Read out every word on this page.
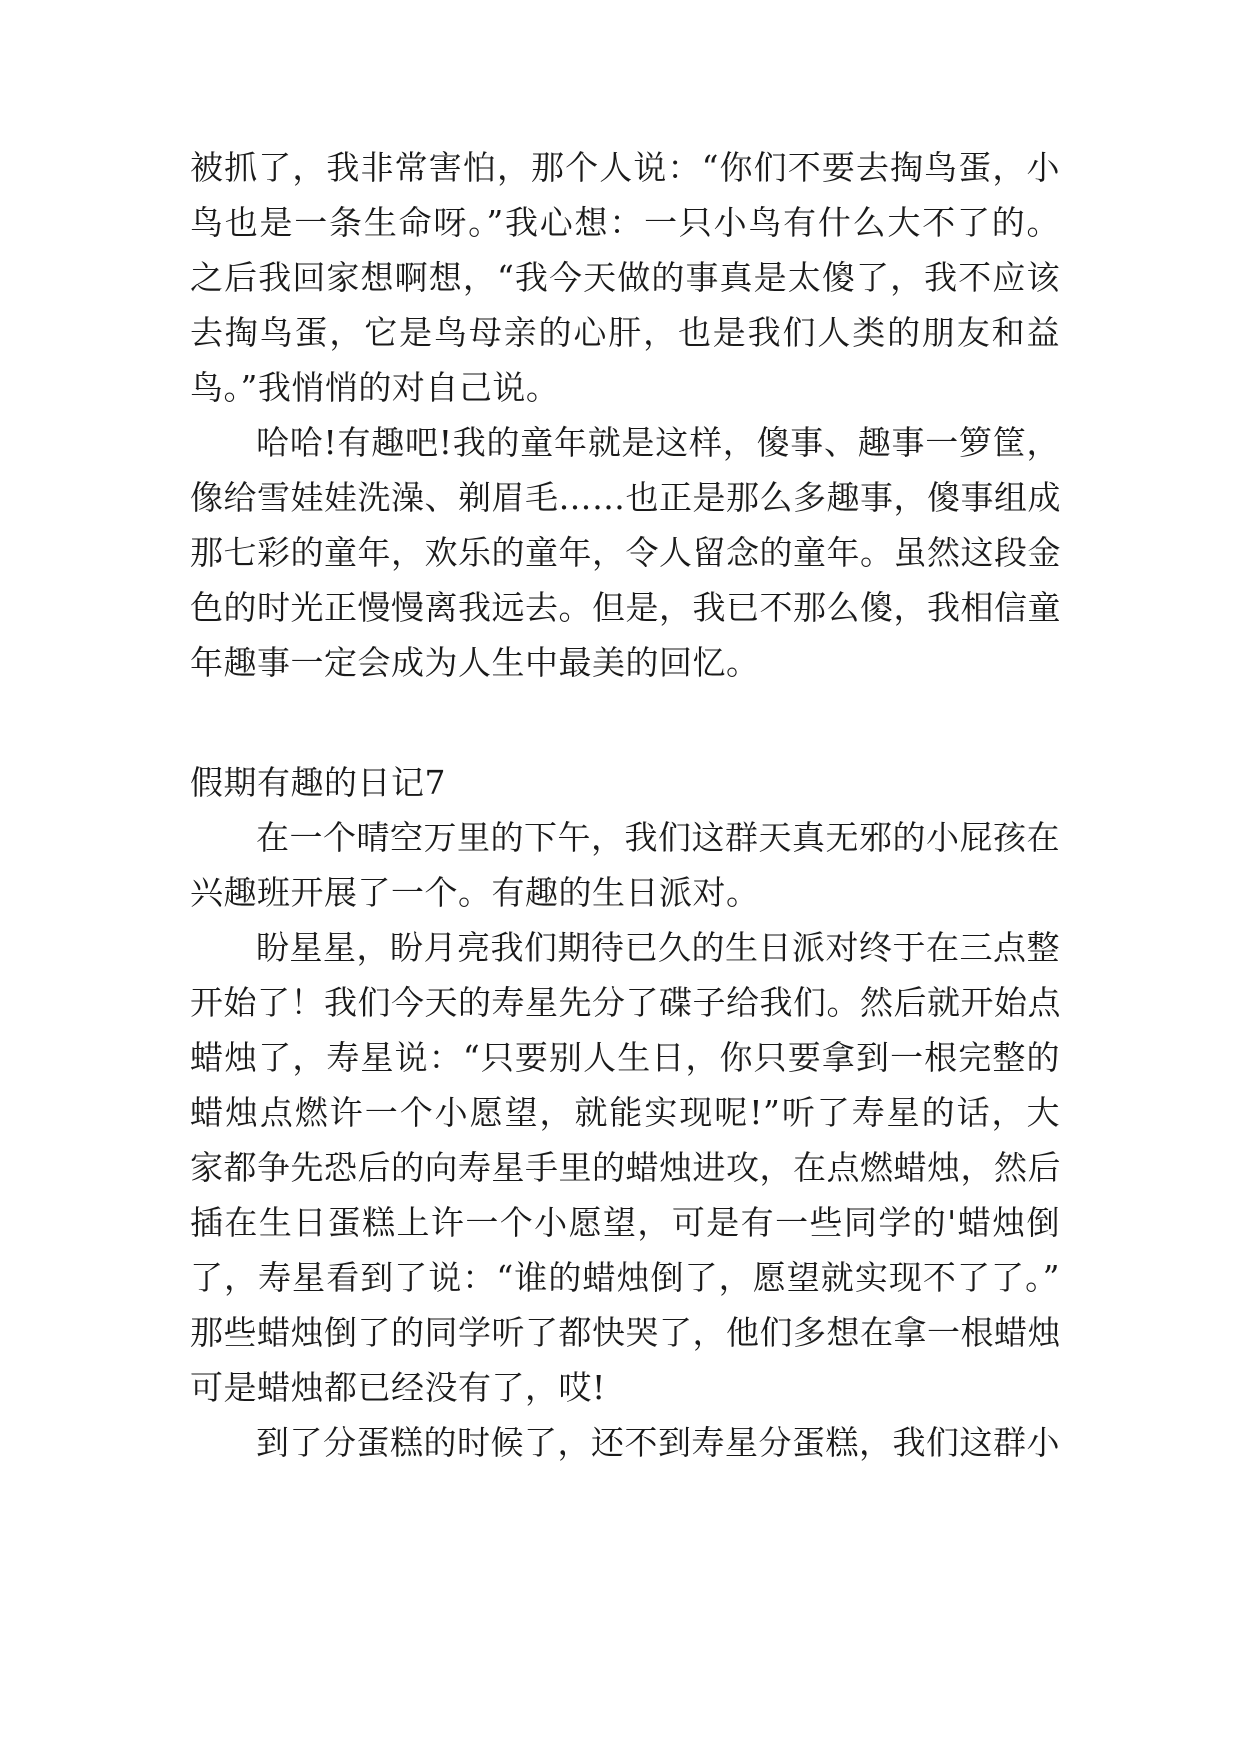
被抓了，我非常害怕，那个人说：“你们不要去掏鸟蛋，小
鸟也是一条生命呀。”我心想：一只小鸟有什么大不了的。
之后我回家想啊想，“我今天做的事真是太傻了，我不应该
去掏鸟蛋，它是鸟母亲的心肝，也是我们人类的朋友和益
鸟。”我悄悄的对自己说。
哈哈!有趣吧!我的童年就是这样，傻事、趣事一箩筐，
像给雪娃娃洗澡、剃眉毛……也正是那么多趣事，傻事组成
那七彩的童年，欢乐的童年，令人留念的童年。虽然这段金
色的时光正慢慢离我远去。但是，我已不那么傻，我相信童
年趣事一定会成为人生中最美的回忆。
假期有趣的日记7
在一个晴空万里的下午，我们这群天真无邪的小屁孩在
兴趣班开展了一个。有趣的生日派对。
盼星星，盼月亮我们期待已久的生日派对终于在三点整
开始了！我们今天的寿星先分了碟子给我们。然后就开始点
蜡烛了，寿星说：“只要别人生日，你只要拿到一根完整的
蜡烛点燃许一个小愿望，就能实现呢!”听了寿星的话，大
家都争先恐后的向寿星手里的蜡烛进攻，在点燃蜡烛，然后
插在生日蛋糕上许一个小愿望，可是有一些同学的'蜡烛倒
了，寿星看到了说：“谁的蜡烛倒了，愿望就实现不了了。”
那些蜡烛倒了的同学听了都快哭了，他们多想在拿一根蜡烛
可是蜡烛都已经没有了，哎!
到了分蛋糕的时候了，还不到寿星分蛋糕，我们这群小
